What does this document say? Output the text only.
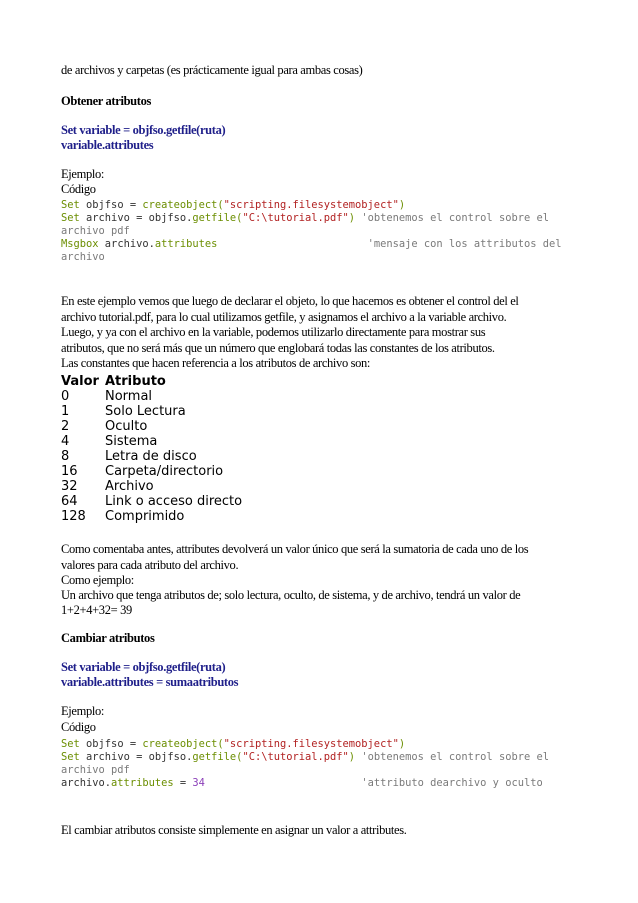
de archivos y carpetas (es prácticamente igual para ambas cosas)
Obtener atributos
Set variable = objfso.getfile(ruta)
variable.attributes
Ejemplo:
Código
Set objfso = createobject("scripting.filesystemobject")
Set archivo = objfso.getfile("C:\tutorial.pdf") 'obtenemos el control sobre el
archivo pdf
Msgbox archivo.attributes	'mensaje con los attributos del
archivo
En este ejemplo vemos que luego de declarar el objeto, lo que hacemos es obtener el control del el
archivo tutorial.pdf, para lo cual utilizamos getfile, y asignamos el archivo a la variable archivo.
Luego, y ya con el archivo en la variable, podemos utilizarlo directamente para mostrar sus
atributos, que no será más que un número que englobará todas las constantes de los atributos.
Las constantes que hacen referencia a los atributos de archivo son:
Valor Atributo
0	Normal
1	Solo Lectura
2	Oculto
4	Sistema
8	Letra de disco
16	Carpeta/directorio
32	Archivo
64	Link o acceso directo
128	Comprimido
Como comentaba antes, attributes devolverá un valor único que será la sumatoria de cada uno de los
valores para cada atributo del archivo.
Como ejemplo:
Un archivo que tenga atributos de; solo lectura, oculto, de sistema, y de archivo, tendrá un valor de
1+2+4+32= 39
Cambiar atributos
Set variable = objfso.getfile(ruta)
variable.attributes = sumaatributos
Ejemplo:
Código
Set objfso = createobject("scripting.filesystemobject")
Set archivo = objfso.getfile("C:\tutorial.pdf") 'obtenemos el control sobre el
archivo pdf
archivo.attributes = 34	'attributo dearchivo y oculto
El cambiar atributos consiste simplemente en asignar un valor a attributes.
